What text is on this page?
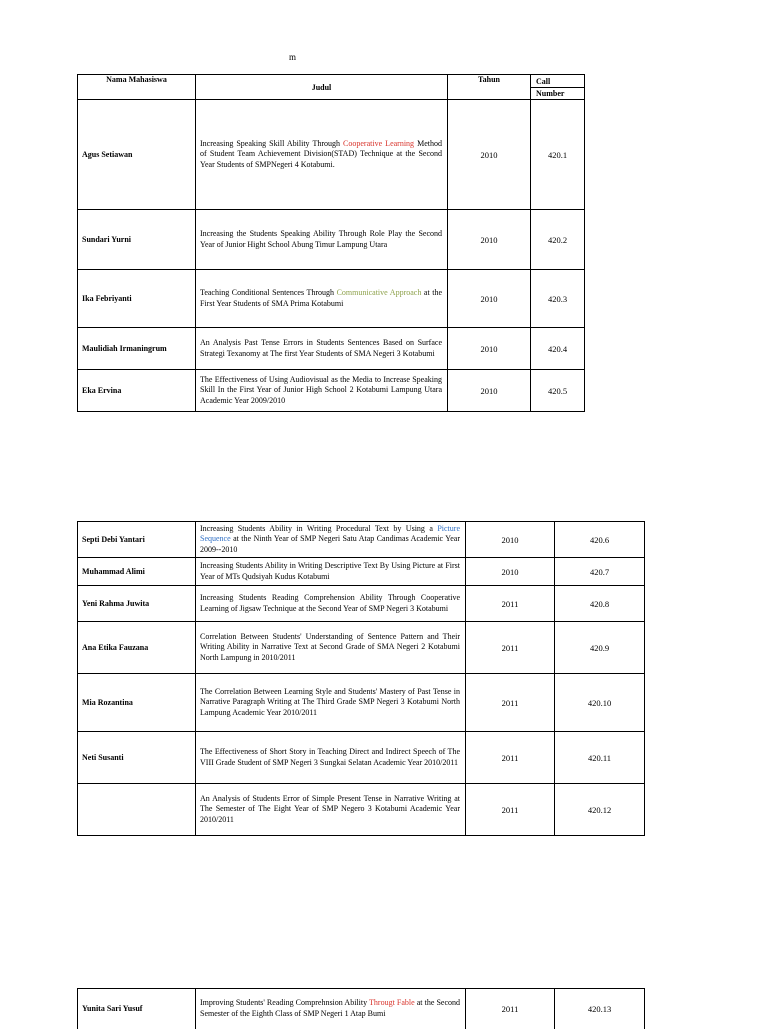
m
Nama Mahasiswa	Judul	Tahun	Call
			Number
Agus Setiawan	Increasing Speaking Skill Ability Through Cooperative Learning Method of Student Team Achievement Division(STAD) Technique at the Second Year Students of SMPNegeri 4 Kotabumi.	2010	420.1

Sundari Yurni	Increasing the Students Speaking Ability Through Role Play the Second Year of Junior Hight School Abung Timur Lampung Utara	2010	420.2

Ika Febriyanti	Teaching Conditional Sentences Through Communicative Approach at the First Year Students of SMA Prima Kotabumi	2010	420.3

Maulidiah Irmaningrum	An Analysis Past Tense Errors in Students Sentences Based on Surface Strategi Texanomy at The first Year Students of SMA Negeri 3 Kotabumi	2010	420.4

Eka Ervina	The Effectiveness of Using Audiovisual as the Media to Increase Speaking Skill In the First Year of Junior High School 2 Kotabumi Lampung Utara Academic Year 2009/2010	2010	420.5

Septi Debi Yantari	Increasing Students Ability in Writing Procedural Text by Using a Picture Sequence at the Ninth Year of SMP Negeri Satu Atap Candimas Academic Year 2009--2010	2010	420.6

Muhammad Alimi	Increasing Students Ability in Writing Descriptive Text By Using Picture at First Year of MTs Qudsiyah Kudus Kotabumi	2010	420.7

Yeni Rahma Juwita	Increasing Students Reading Comprehension Ability Through Cooperative Learning of Jigsaw Technique at the Second Year of SMP Negeri 3 Kotabumi	2011	420.8

Ana Etika Fauzana	Correlation Between Students' Understanding of Sentence Pattern and Their Writing Ability in Narrative Text at Second Grade of SMA Negeri 2 Kotabumi North Lampung in 2010/2011	2011	420.9

Mia Rozantina	The Correlation Between Learning Style and Students' Mastery of Past Tense in Narrative Paragraph Writing at The Third Grade SMP Negeri 3 Kotabumi North Lampung Academic Year 2010/2011	2011	420.10

Neti Susanti	The Effectiveness of Short Story in Teaching Direct and Indirect Speech of The VIII Grade Student of SMP Negeri 3 Sungkai Selatan Academic Year 2010/2011	2011	420.11

	An Analysis of Students Error of Simple Present Tense in Narrative Writing at The Semester of The Eight Year of SMP Negero 3 Kotabumi Academic Year 2010/2011	2011	420.12

Yunita Sari Yusuf	Improving Students' Reading Comprehnsion Ability Througt Fable at the Second Semester of the Eighth Class of SMP Negeri 1 Atap Bumi	2011	420.13
